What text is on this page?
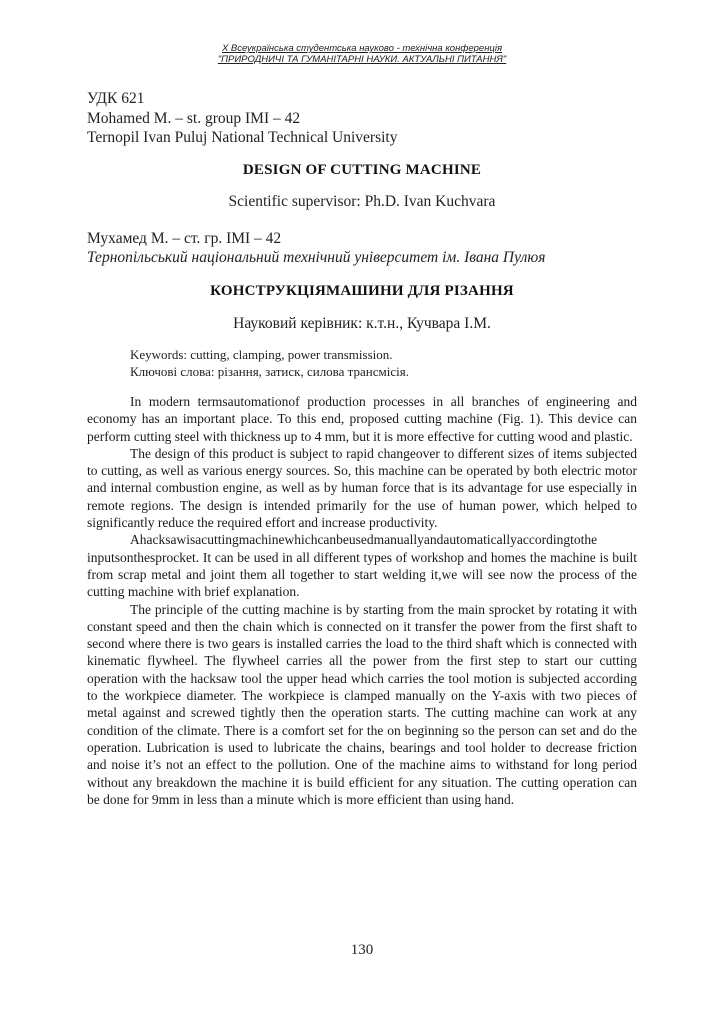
X Всеукраїнська студентська науково - технічна конференція
"ПРИРОДНИЧІ ТА ГУМАНІТАРНІ НАУКИ. АКТУАЛЬНІ ПИТАННЯ"
УДК 621
Mohamed M. – st. group IMI – 42
Ternopil Ivan Puluj National Technical University
DESIGN OF CUTTING MACHINE
Scientific supervisor: Ph.D. Ivan Kuchvara
Мухамед М. – ст. гр. ІМІ – 42
Тернопільський національний технічний університет ім. Івана Пулюя
КОНСТРУКЦІЯМАШИНИ ДЛЯ РІЗАННЯ
Науковий керівник: к.т.н., Кучвара І.М.
Keywords: cutting, clamping, power transmission.
Ключові слова: різання, затиск, силова трансмісія.

In modern termsautomationof production processes in all branches of engineering and economy has an important place. To this end, proposed cutting machine (Fig. 1). This device can perform cutting steel with thickness up to 4 mm, but it is more effective for cutting wood and plastic.

The design of this product is subject to rapid changeover to different sizes of items subjected to cutting, as well as various energy sources. So, this machine can be operated by both electric motor and internal combustion engine, as well as by human force that is its advantage for use especially in remote regions. The design is intended primarily for the use of human power, which helped to significantly reduce the required effort and increase productivity.

Ahacksawisacuttingmachinewhichcanbeusedmanuallyandautomaticallyaccordingtothe inputsonthesprocket. It can be used in all different types of workshop and homes the machine is built from scrap metal and joint them all together to start welding it,we will see now the process of the cutting machine with brief explanation.

The principle of the cutting machine is by starting from the main sprocket by rotating it with constant speed and then the chain which is connected on it transfer the power from the first shaft to second where there is two gears is installed carries the load to the third shaft which is connected with kinematic flywheel. The flywheel carries all the power from the first step to start our cutting operation with the hacksaw tool the upper head which carries the tool motion is subjected according to the workpiece diameter. The workpiece is clamped manually on the Y-axis with two pieces of metal against and screwed tightly then the operation starts. The cutting machine can work at any condition of the climate. There is a comfort set for the on beginning so the person can set and do the operation. Lubrication is used to lubricate the chains, bearings and tool holder to decrease friction and noise it’s not an effect to the pollution. One of the machine aims to withstand for long period without any breakdown the machine it is build efficient for any situation. The cutting operation can be done for 9mm in less than a minute which is more efficient than using hand.

130
